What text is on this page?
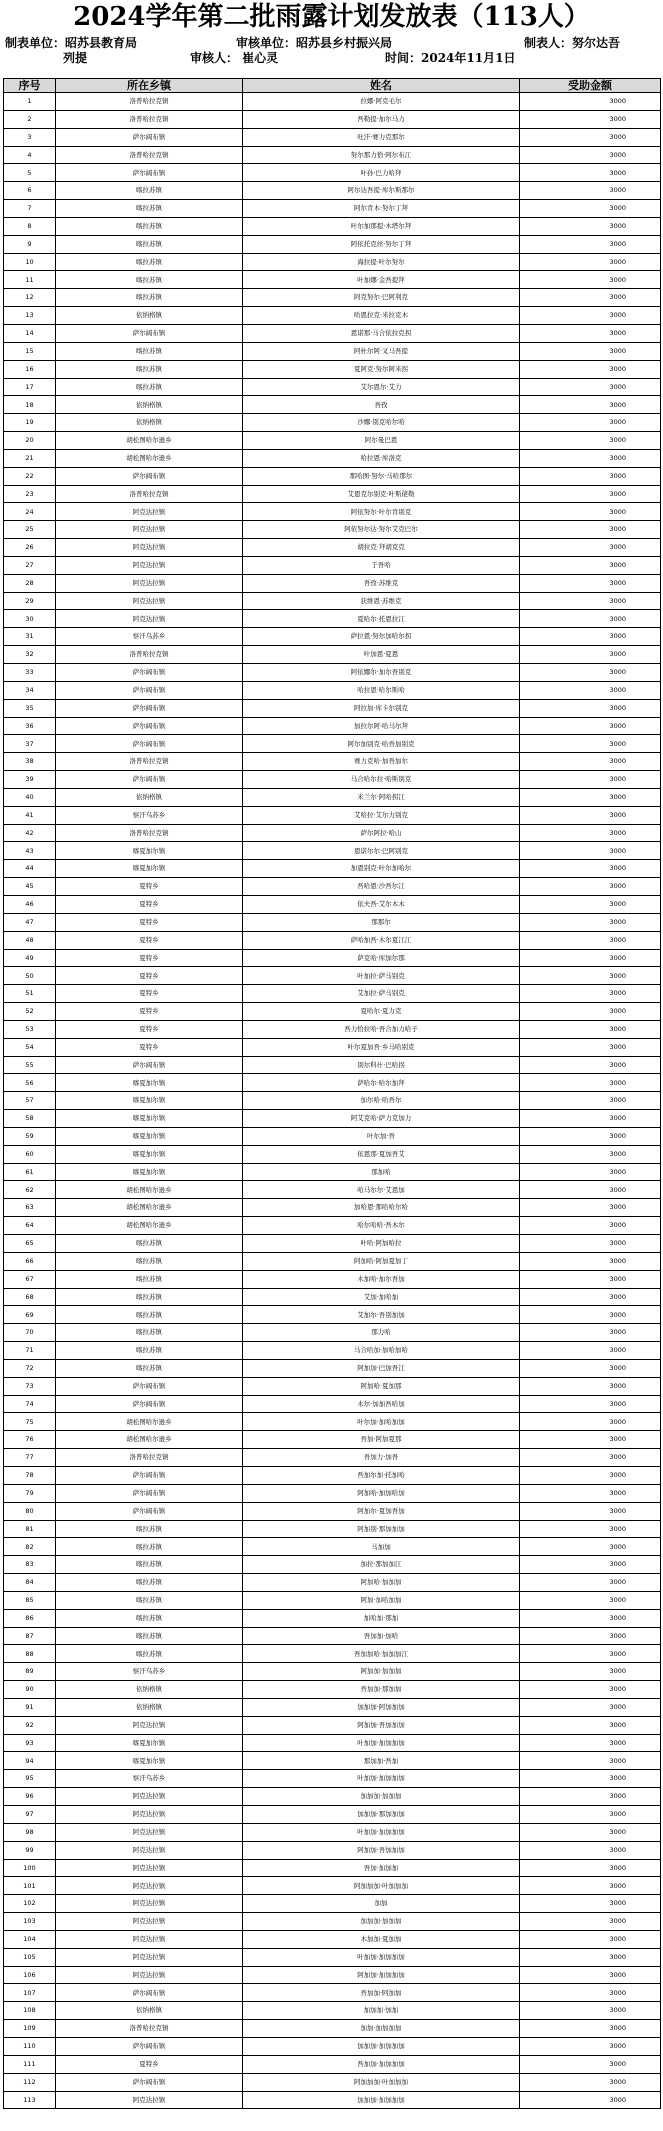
2024学年第二批雨露计划发放表（113人）
制表单位：昭苏县教育局	审核单位：昭苏县乡村振兴局	制表人：努尔达吾
列提	审核人： 崔心灵	时间：2024年11月1日
序号	所在乡镇	姓名	受助金额
1	洛普哈拉克镇	拉娜·阿克毛尔	3000
2	洛普哈拉克镇	吾勒提·加尔马力	3000
3	萨尔阔布镇	吐汗·赛力克那尔	3000
4	洛普哈拉克镇	努尔那力恰·阿尔布江	3000
5	萨尔阔布镇	叶孙·巴力哈拜	3000
6	喀拉苏镇	阿尔达吾提·库尔斯那尔	3000
7	喀拉苏镇	阿尔肯木·努尔丁拜	3000
8	喀拉苏镇	叶尔加那提·木塔尔拜	3000
9	喀拉苏镇	阿依托克丝·努尔丁拜	3000
10	喀拉苏镇	海拉提·叶尔努尔	3000
11	喀拉苏镇	叶加娜·金吾提拜	3000
12	喀拉苏镇	阿克努尔·巴阿利克	3000
13	依纳格镇	哈恩拉克·米拉克木	3000
14	萨尔阔布镇	恩诺那·马合依拉克拐	3000
15	喀拉苏镇	阿杜尔阿·叉马吾提	3000
16	喀拉苏镇	夏阿克·努尔阿米拐	3000
17	喀拉苏镇	艾尔恩尔·艾力	3000
18	依纳格镇	吾孜	3000
19	依纳格镇	沙娜·别克哈尔哈	3000
20	胡松图哈尔逊乡	阿尔曼巴恩	3000
21	胡松图哈尔逊乡	哈拉恩·库洛克	3000
22	萨尔阔布镇	那哈图·努尔·马哈那尔	3000
23	洛普哈拉克镇	艾恩克尔别克·叶斯佬勒	3000
24	阿克达拉镇	阿依努尔·叶尔肯别克	3000
25	阿克达拉镇	阿依努尔达·努尔艾克巴尔	3000
26	阿克达拉镇	胡拉克·拜胡克克	3000
27	阿克达拉镇	于吾哈	3000
28	阿克达拉镇	吾孜·苏维克	3000
29	阿克达拉镇	获维恩·苏维克	3000
30	阿克达拉镇	夏哈尔·托恩拉江	3000
31	察汗乌苏乡	萨拉恩·努尔加哈尔拐	3000
32	洛普哈拉克镇	叶加恩·夏恩	3000
33	萨尔阔布镇	阿依娜尔·加尔吾别克	3000
34	萨尔阔布镇	哈拉恩·哈尔斯哈	3000
35	萨尔阔布镇	阿拉加·库卡尔别克	3000
36	萨尔阔布镇	加拉尔阿·哈马尔拜	3000
37	萨尔阔布镇	阿尔加别克·哈吾加别克	3000
38	洛普哈拉克镇	赛力克哈·加吾加尔	3000
39	萨尔阔布镇	马合哈尔拉·哈斯别克	3000
40	依纳格镇	米兰尔·阿哈拐江	3000
41	察汗乌苏乡	艾哈拉·艾尔力别克	3000
42	洛普哈拉克镇	萨尔阿拉·哈山	3000
43	喀夏加尔镇	恩诺尔尔·巴阿别克	3000
44	喀夏加尔镇	加恩别克·叶尔加哈尔	3000
45	夏特乡	吾哈恩·沙吾尔江	3000
46	夏特乡	依夫吾·艾尔木木	3000
47	夏特乡	那那尔	3000
48	夏特乡	萨哈加吾·木尔夏江江	3000
49	夏特乡	萨克哈·库加尔那	3000
50	夏特乡	叶加拉·萨马别克	3000
51	夏特乡	艾加拉·萨马别克	3000
52	夏特乡	夏哈尔·夏力克	3000
53	夏特乡	吾力恰拉哈·吾合加力哈子	3000
54	夏特乡	叶尔夏加吾·乡马哈别克	3000
55	萨尔阔布镇	别尔科什·巴哈拐	3000
56	喀夏加尔镇	萨哈尔·哈尔加拜	3000
57	喀夏加尔镇	加尔哈·哈吾尔	3000
58	喀夏加尔镇	阿艾克哈·萨力克加力	3000
59	喀夏加尔镇	叶尔加·吾	3000
60	喀夏加尔镇	依恩那·夏加吾艾	3000
61	喀夏加尔镇	那加哈	3000
62	胡松图哈尔逊乡	哈马尔尔·艾恩加	3000
63	胡松图哈尔逊乡	加哈恩·那哈哈尔哈	3000
64	胡松图哈尔逊乡	哈尔哈哈·吾木尔	3000
65	喀拉苏镇	叶哈·阿加哈拉	3000
66	喀拉苏镇	阿加哈·阿加夏加丁	3000
67	喀拉苏镇	木加哈·加尔吾加	3000
68	喀拉苏镇	艾加·加哈加	3000
69	喀拉苏镇	艾加尔·吾别加加	3000
70	喀拉苏镇	那力哈	3000
71	喀拉苏镇	马合哈加·加哈加哈	3000
72	喀拉苏镇	阿加加·巴加吾江	3000
73	萨尔阔布镇	阿加哈·夏加那	3000
74	萨尔阔布镇	木尔·加加吾哈加	3000
75	胡松图哈尔逊乡	叶尔加·加哈加加	3000
76	胡松图哈尔逊乡	吾加·阿加夏那	3000
77	洛普哈拉克镇	吾加力·加吾	3000
78	萨尔阔布镇	吾加尔加·托加哈	3000
79	萨尔阔布镇	阿加哈·加加哈加	3000
80	萨尔阔布镇	阿加尔·夏加吾加	3000
81	喀拉苏镇	阿加别·那加加加	3000
82	喀拉苏镇	马加加	3000
83	喀拉苏镇	加拉·那加加江	3000
84	喀拉苏镇	阿加哈·加加加	3000
85	喀拉苏镇	阿加·加哈加加	3000
86	喀拉苏镇	加哈加·那加	3000
87	喀拉苏镇	吾加加·加哈	3000
88	喀拉苏镇	吾加加哈·加加加江	3000
89	察汗乌苏乡	阿加加·加加加	3000
90	依纳格镇	吾加加·那加加	3000
91	依纳格镇	加加加·阿加加加	3000
92	阿克达拉镇	阿加加·吾加加加	3000
93	喀夏加尔镇	叶加加·加加加加	3000
94	喀夏加尔镇	那加加·吾加	3000
95	察汗乌苏乡	叶加加·加加加加	3000
96	阿克达拉镇	加加加·加加加	3000
97	阿克达拉镇	加加加·那加加加	3000
98	阿克达拉镇	叶加加·加加加加	3000
99	阿克达拉镇	阿加加·吾加加加	3000
100	阿克达拉镇	吾加·加加加	3000
101	阿克达拉镇	阿加加加·叶加加加	3000
102	阿克达拉镇	加加	3000
103	阿克达拉镇	加加加·加加加	3000
104	阿克达拉镇	木加加·夏加加	3000
105	阿克达拉镇	叶加加·加加加加	3000
106	阿克达拉镇	阿加加·加加加加	3000
107	萨尔阔布镇	吾加加·阿加加	3000
108	依纳格镇	加加加·加加	3000
109	洛普哈拉克镇	加加·加加加加	3000
110	萨尔阔布镇	加加加·加加加加	3000
111	夏特乡	吾加加·加加加加	3000
112	萨尔阔布镇	阿加加加·叶加加加	3000
113	阿克达拉镇	加加加·加加加加	3000
